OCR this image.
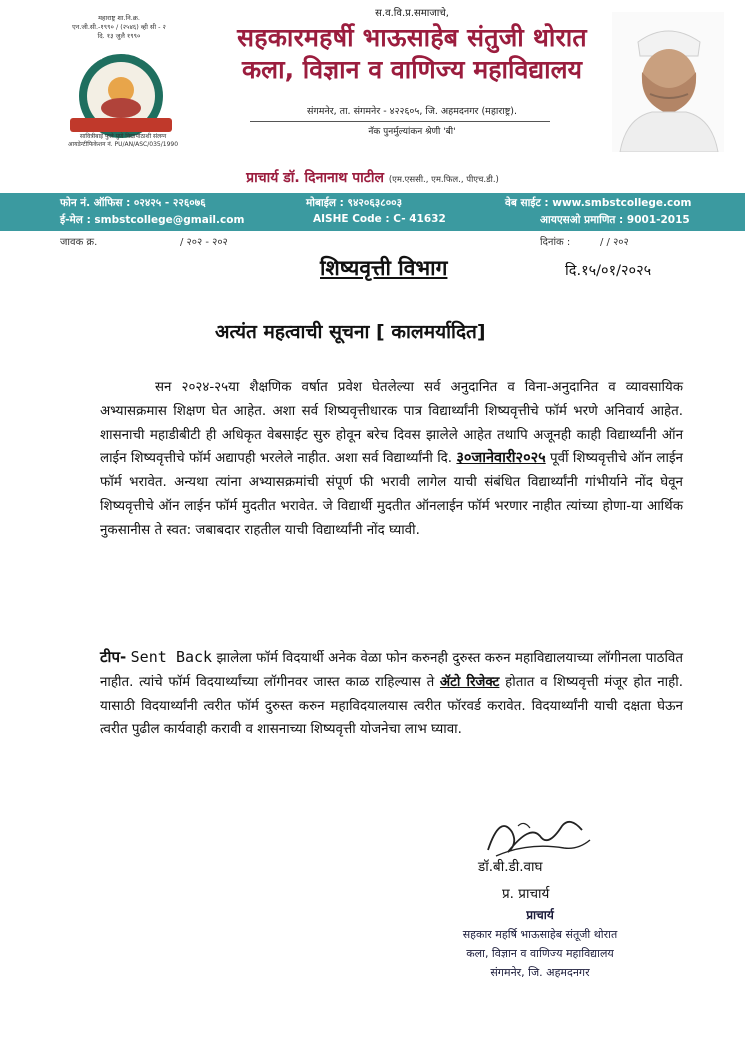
महाराष्ट्र शा.नि.क्र.
एन.जी.सी.-१९९० / (२५४६) व्ही सी - २
दि. १३ जुलै १९९०
सावित्रीबाई फुले पुणे विद्यापीठाशी संलग्न
आयडेन्टीफिकेशन नं. PU/AN/ASC/035/1990
स.व.वि.प्र.समाजाचे,
सहकारमहर्षी भाऊसाहेब संतुजी थोरात
कला, विज्ञान व वाणिज्य महाविद्यालय
संगमनेर, ता. संगमनेर - ४२२६०५, जि. अहमदनगर (महाराष्ट्र).
नॅक पुनर्मुल्यांकन श्रेणी 'बी'
प्राचार्य डॉ. दिनानाथ पाटील (एम.एससी., एम.फिल., पीएच.डी.)
फोन नं. ऑफिस : ०२४२५ - २२६०७६	मोबाईल : ९४२०६३८००३	वेब साईट : www.smbstcollege.com
ई-मेल : smbstcollege@gmail.com	AISHE Code : C- 41632	आयएसओ प्रमाणित : 9001-2015
जावक क्र.	/ २०२ - २०२	दिनांक :	/ / २०२
शिष्यवृत्ती विभाग	दि.१५/०१/२०२५
अत्यंत महत्वाची सूचना [ कालमर्यादित]
सन २०२४-२५या शैक्षणिक वर्षात प्रवेश घेतलेल्या सर्व अनुदानित व विना-अनुदानित व व्यावसायिक अभ्यासक्रमास शिक्षण घेत आहेत. अशा सर्व शिष्यवृत्तीधारक पात्र विद्यार्थ्यांनी शिष्यवृत्तीचे फॉर्म भरणे अनिवार्य आहेत. शासनाची महाडीबीटी ही अधिकृत वेबसाईट सुरु होवून बरेच दिवस झालेले आहेत तथापि अजूनही काही विद्यार्थ्यांनी ऑन लाईन शिष्यवृत्तीचे फॉर्म अद्यापही भरलेले नाहीत. अशा सर्व विद्यार्थ्यांनी दि. ३०जानेवारी२०२५ पूर्वी शिष्यवृत्तीचे ऑन लाईन फॉर्म भरावेत. अन्यथा त्यांना अभ्यासक्रमांची संपूर्ण फी भरावी लागेल याची संबंधित विद्यार्थ्यांनी गांभीर्याने नोंद घेवून शिष्यवृत्तीचे ऑन लाईन फॉर्म मुदतीत भरावेत. जे विद्यार्थी मुदतीत ऑनलाईन फॉर्म भरणार नाहीत त्यांच्या होणा-या आर्थिक नुकसानीस ते स्वत: जबाबदार राहतील याची विद्यार्थ्यांनी नोंद घ्यावी.
टीप- Sent Back झालेला फॉर्म विदयार्थी अनेक वेळा फोन करुनही दुरुस्त करुन महाविद्यालयाच्या लॉगीनला पाठवित नाहीत. त्यांचे फॉर्म विदयार्थ्यांच्या लॉगीनवर जास्त काळ राहिल्यास ते ॲटो रिजेक्ट होतात व शिष्यवृत्ती मंजूर होत नाही. यासाठी विदयार्थ्यांनी त्वरीत फॉर्म दुरुस्त करुन महाविदयालयास त्वरीत फॉरवर्ड करावेत. विदयार्थ्यांनी याची दक्षता घेऊन त्वरीत पुढील कार्यवाही करावी व शासनाच्या शिष्यवृत्ती योजनेचा लाभ घ्यावा.
डॉ.बी.डी.वाघ
प्र. प्राचार्य
प्राचार्य
सहकार महर्षि भाऊसाहेब संतूजी थोरात
कला, विज्ञान व वाणिज्य महाविद्यालय
संगमनेर, जि. अहमदनगर
